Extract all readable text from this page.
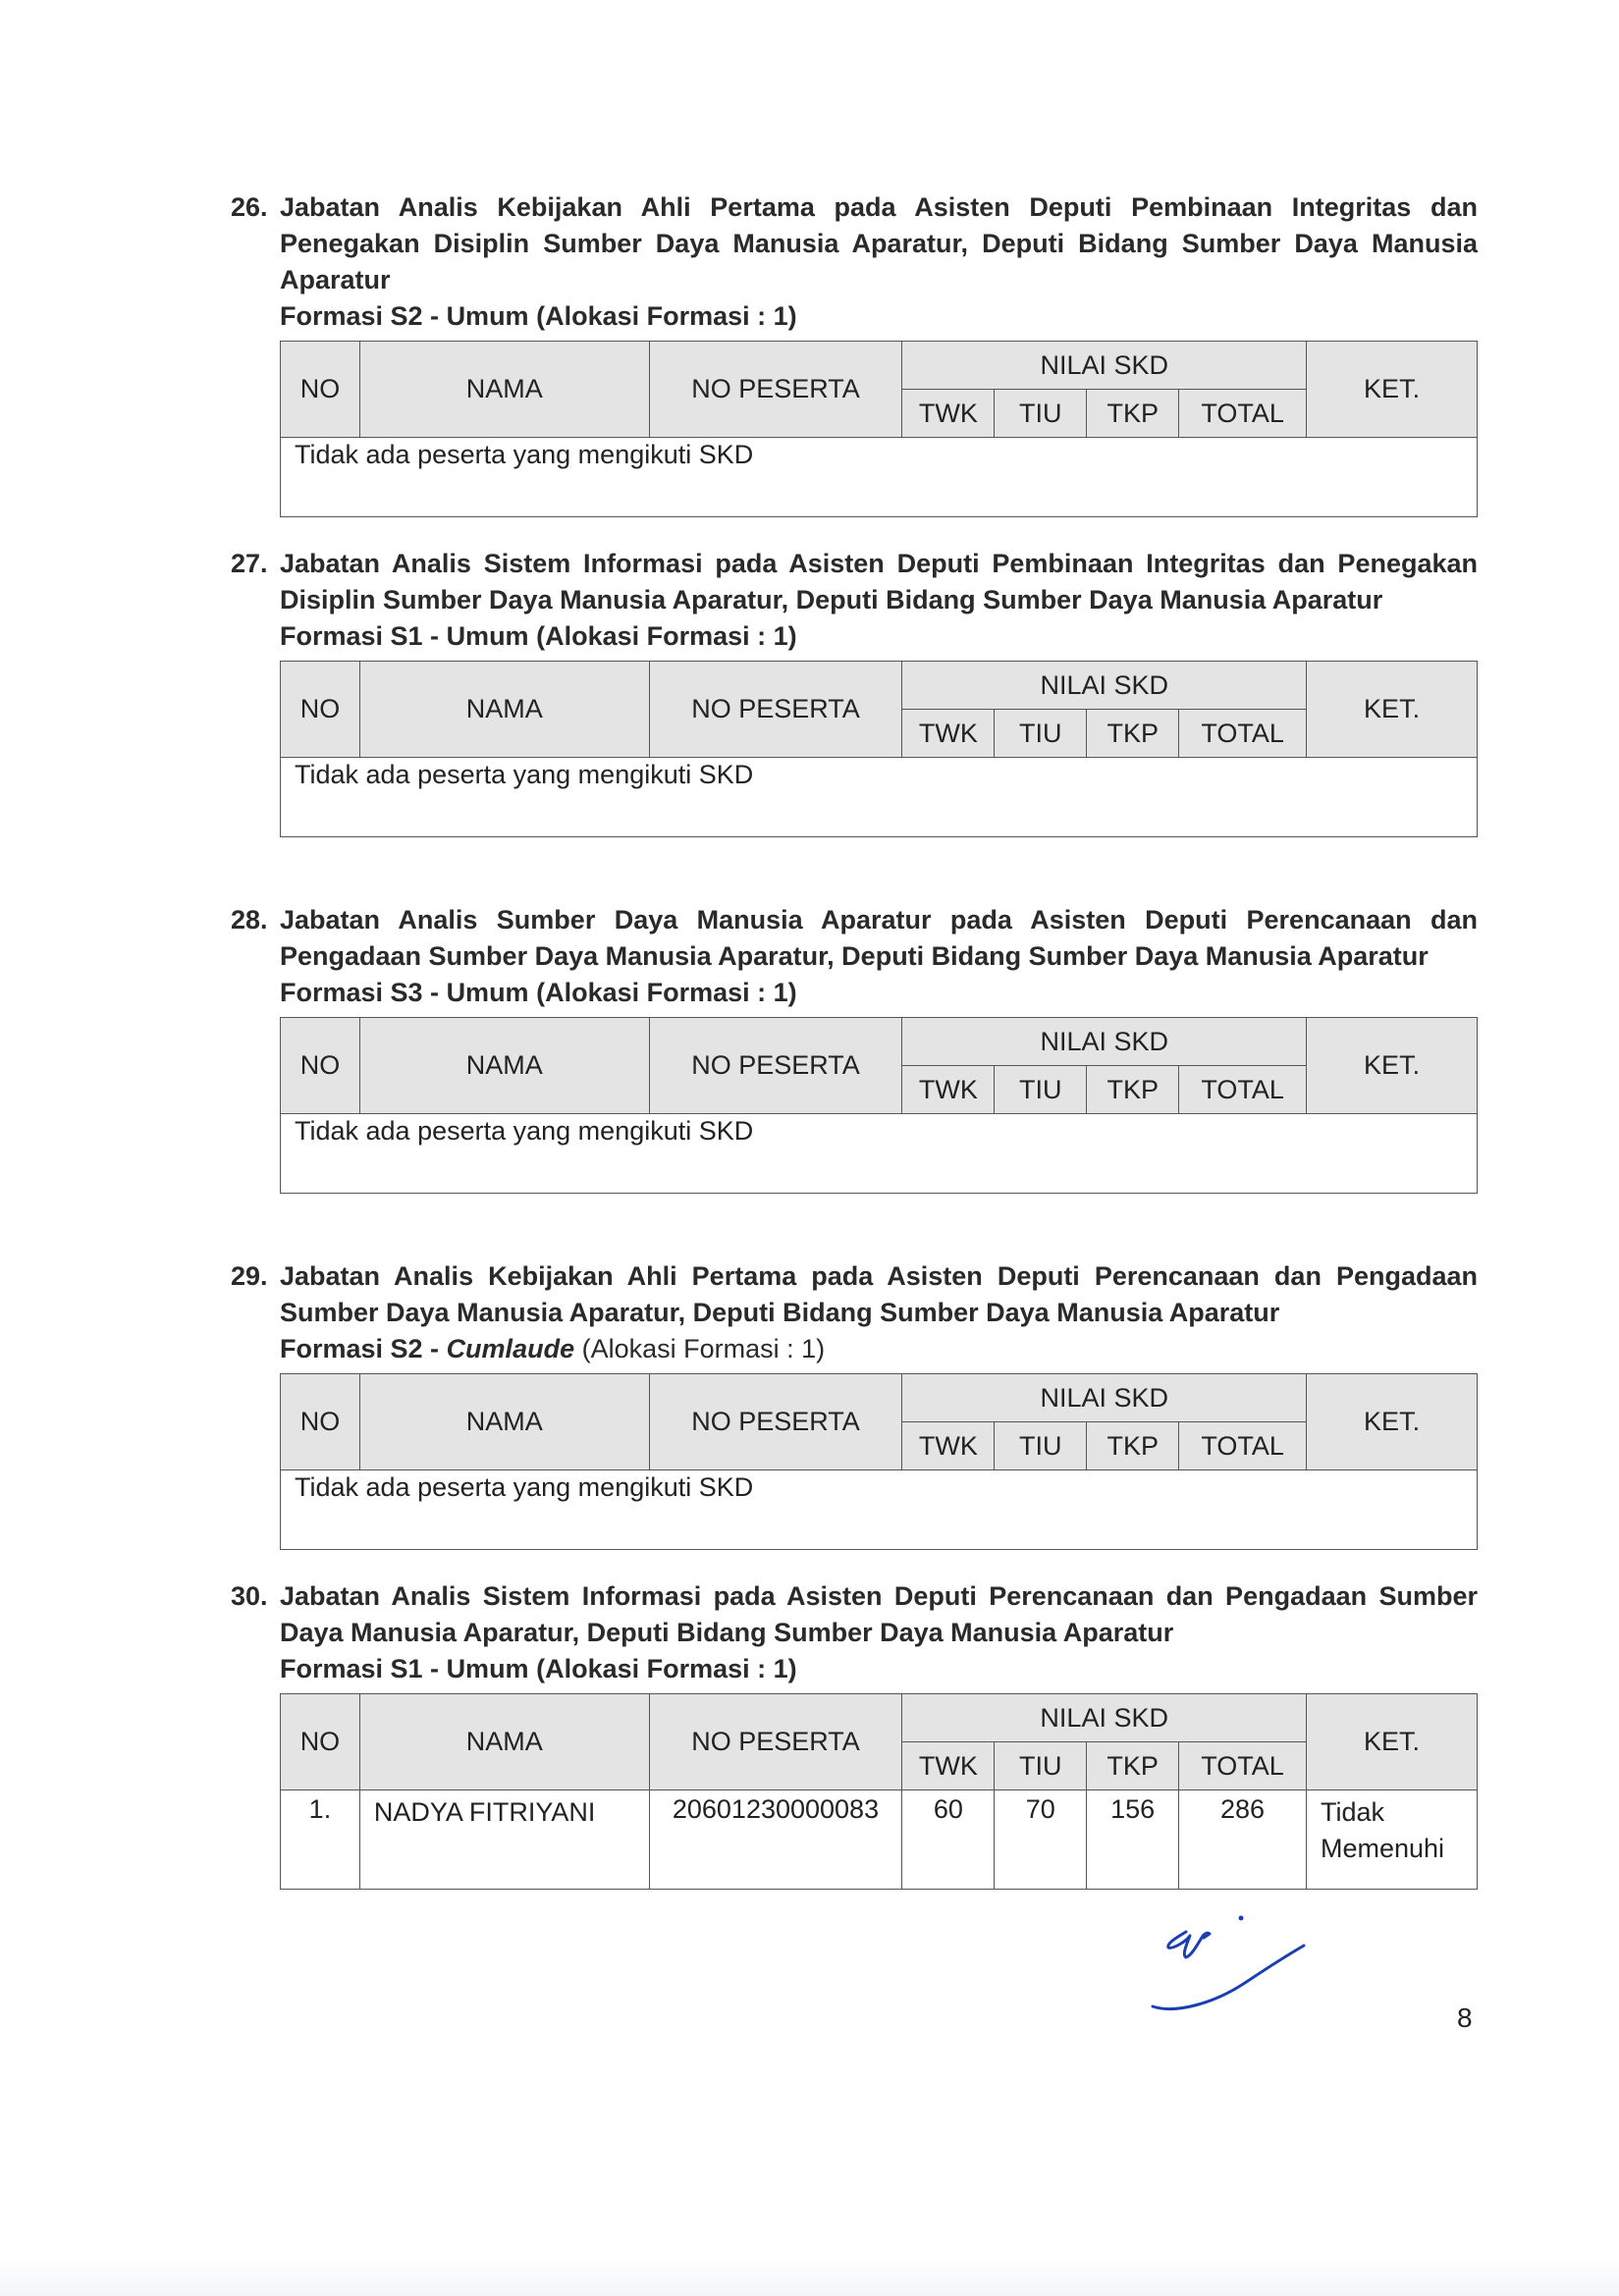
26. Jabatan Analis Kebijakan Ahli Pertama pada Asisten Deputi Pembinaan Integritas dan Penegakan Disiplin Sumber Daya Manusia Aparatur, Deputi Bidang Sumber Daya Manusia Aparatur
Formasi S2 - Umum (Alokasi Formasi : 1)
NO	NAMA	NO PESERTA	NILAI SKD				KET.
			TWK	TIU	TKP	TOTAL	
Tidak ada peserta yang mengikuti SKD							
27. Jabatan Analis Sistem Informasi pada Asisten Deputi Pembinaan Integritas dan Penegakan Disiplin Sumber Daya Manusia Aparatur, Deputi Bidang Sumber Daya Manusia Aparatur
Formasi S1 - Umum (Alokasi Formasi : 1)
NO	NAMA	NO PESERTA	NILAI SKD				KET.
			TWK	TIU	TKP	TOTAL	
Tidak ada peserta yang mengikuti SKD							
28. Jabatan Analis Sumber Daya Manusia Aparatur pada Asisten Deputi Perencanaan dan Pengadaan Sumber Daya Manusia Aparatur, Deputi Bidang Sumber Daya Manusia Aparatur
Formasi S3 - Umum (Alokasi Formasi : 1)
NO	NAMA	NO PESERTA	NILAI SKD				KET.
			TWK	TIU	TKP	TOTAL	
Tidak ada peserta yang mengikuti SKD							
29. Jabatan Analis Kebijakan Ahli Pertama pada Asisten Deputi Perencanaan dan Pengadaan Sumber Daya Manusia Aparatur, Deputi Bidang Sumber Daya Manusia Aparatur
Formasi S2 - Cumlaude (Alokasi Formasi : 1)
NO	NAMA	NO PESERTA	NILAI SKD				KET.
			TWK	TIU	TKP	TOTAL	
Tidak ada peserta yang mengikuti SKD							
30. Jabatan Analis Sistem Informasi pada Asisten Deputi Perencanaan dan Pengadaan Sumber Daya Manusia Aparatur, Deputi Bidang Sumber Daya Manusia Aparatur
Formasi S1 - Umum (Alokasi Formasi : 1)
NO	NAMA	NO PESERTA	NILAI SKD				KET.
			TWK	TIU	TKP	TOTAL	
1.	NADYA FITRIYANI	20601230000083	60	70	156	286	Tidak Memenuhi
8
